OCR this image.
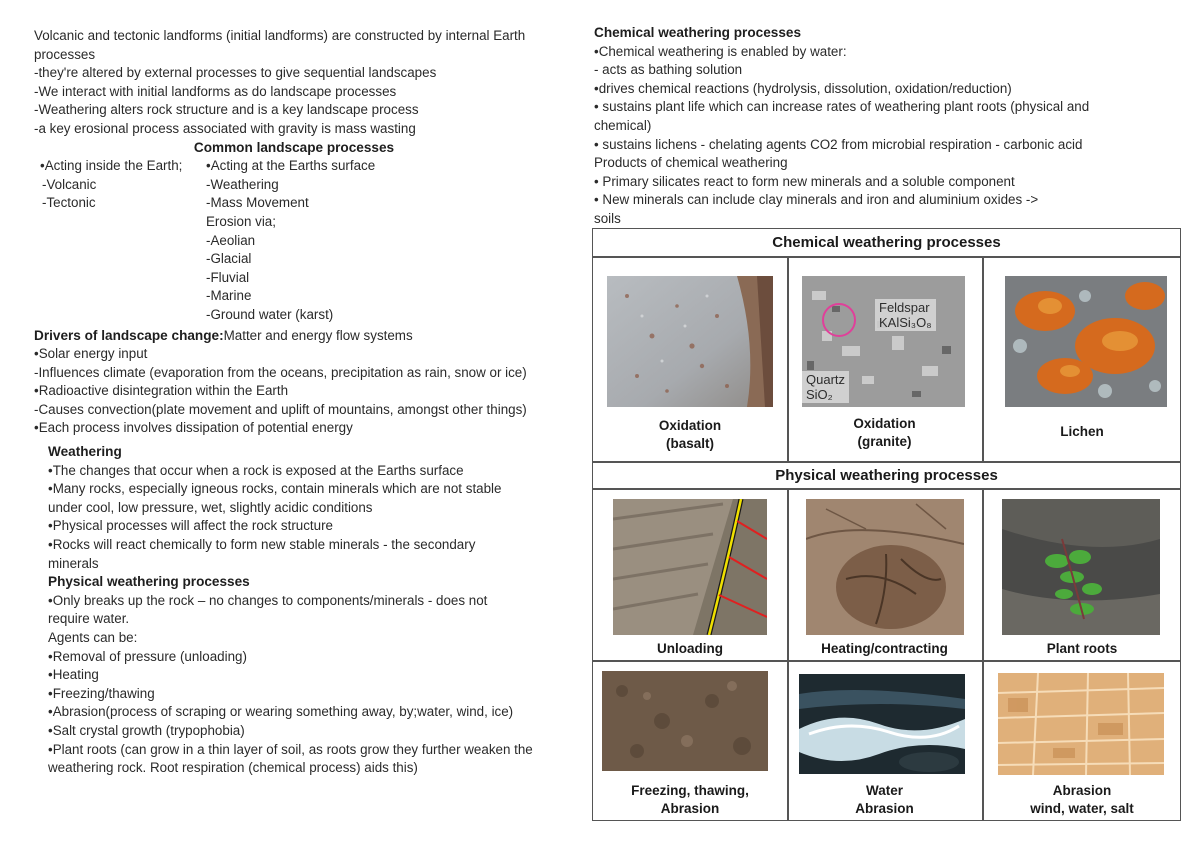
Volcanic and tectonic landforms (initial landforms) are constructed by internal Earth
processes
-they're altered by external processes to give sequential landscapes
-We interact with initial landforms as do landscape processes
-Weathering alters rock structure and is a key landscape process
-a key erosional process associated with gravity is mass wasting
Common landscape processes
•Acting inside the Earth;
-Volcanic
-Tectonic
•Acting at the Earths surface
-Weathering
-Mass Movement
Erosion via;
-Aeolian
-Glacial
-Fluvial
-Marine
-Ground water (karst)
Drivers of landscape change:Matter and energy flow systems
•Solar energy input
-Influences climate (evaporation from the oceans, precipitation as rain, snow or ice)
•Radioactive disintegration within the Earth
-Causes convection(plate movement and uplift of mountains, amongst other things)
•Each process involves dissipation of potential energy
Weathering
•The changes that occur when a rock is exposed at the Earths surface
•Many rocks, especially igneous rocks, contain minerals which are not stable
under cool, low pressure, wet, slightly acidic conditions
•Physical processes will affect the rock structure
•Rocks will react chemically to form new stable minerals - the secondary
minerals
Physical weathering processes
•Only breaks up the rock – no changes to components/minerals - does not
require water.
Agents can be:
•Removal of pressure (unloading)
•Heating
•Freezing/thawing
•Abrasion(process of scraping or wearing something away, by;water, wind, ice)
•Salt crystal growth (trypophobia)
•Plant roots (can grow in a thin layer of soil, as roots grow they further weaken the
weathering rock. Root respiration (chemical process) aids this)
Chemical weathering processes
•Chemical weathering is enabled by water:
- acts as bathing solution
•drives chemical reactions (hydrolysis, dissolution, oxidation/reduction)
• sustains plant life which can increase rates of weathering plant roots (physical and
chemical)
• sustains lichens - chelating agents CO2 from microbial respiration - carbonic acid
Products of chemical weathering
• Primary silicates react to form new minerals and a soluble component
• New minerals can include clay minerals and iron and aluminium oxides ->
soils
Chemical weathering processes
Physical weathering processes
Oxidation
(basalt)
Feldspar
KAlSi₃O₈
Quartz
SiO₂
Oxidation
(granite)
Lichen
Unloading	Heating/contracting	Plant roots
Freezing, thawing,
Abrasion
Water
Abrasion
Abrasion
wind, water, salt
